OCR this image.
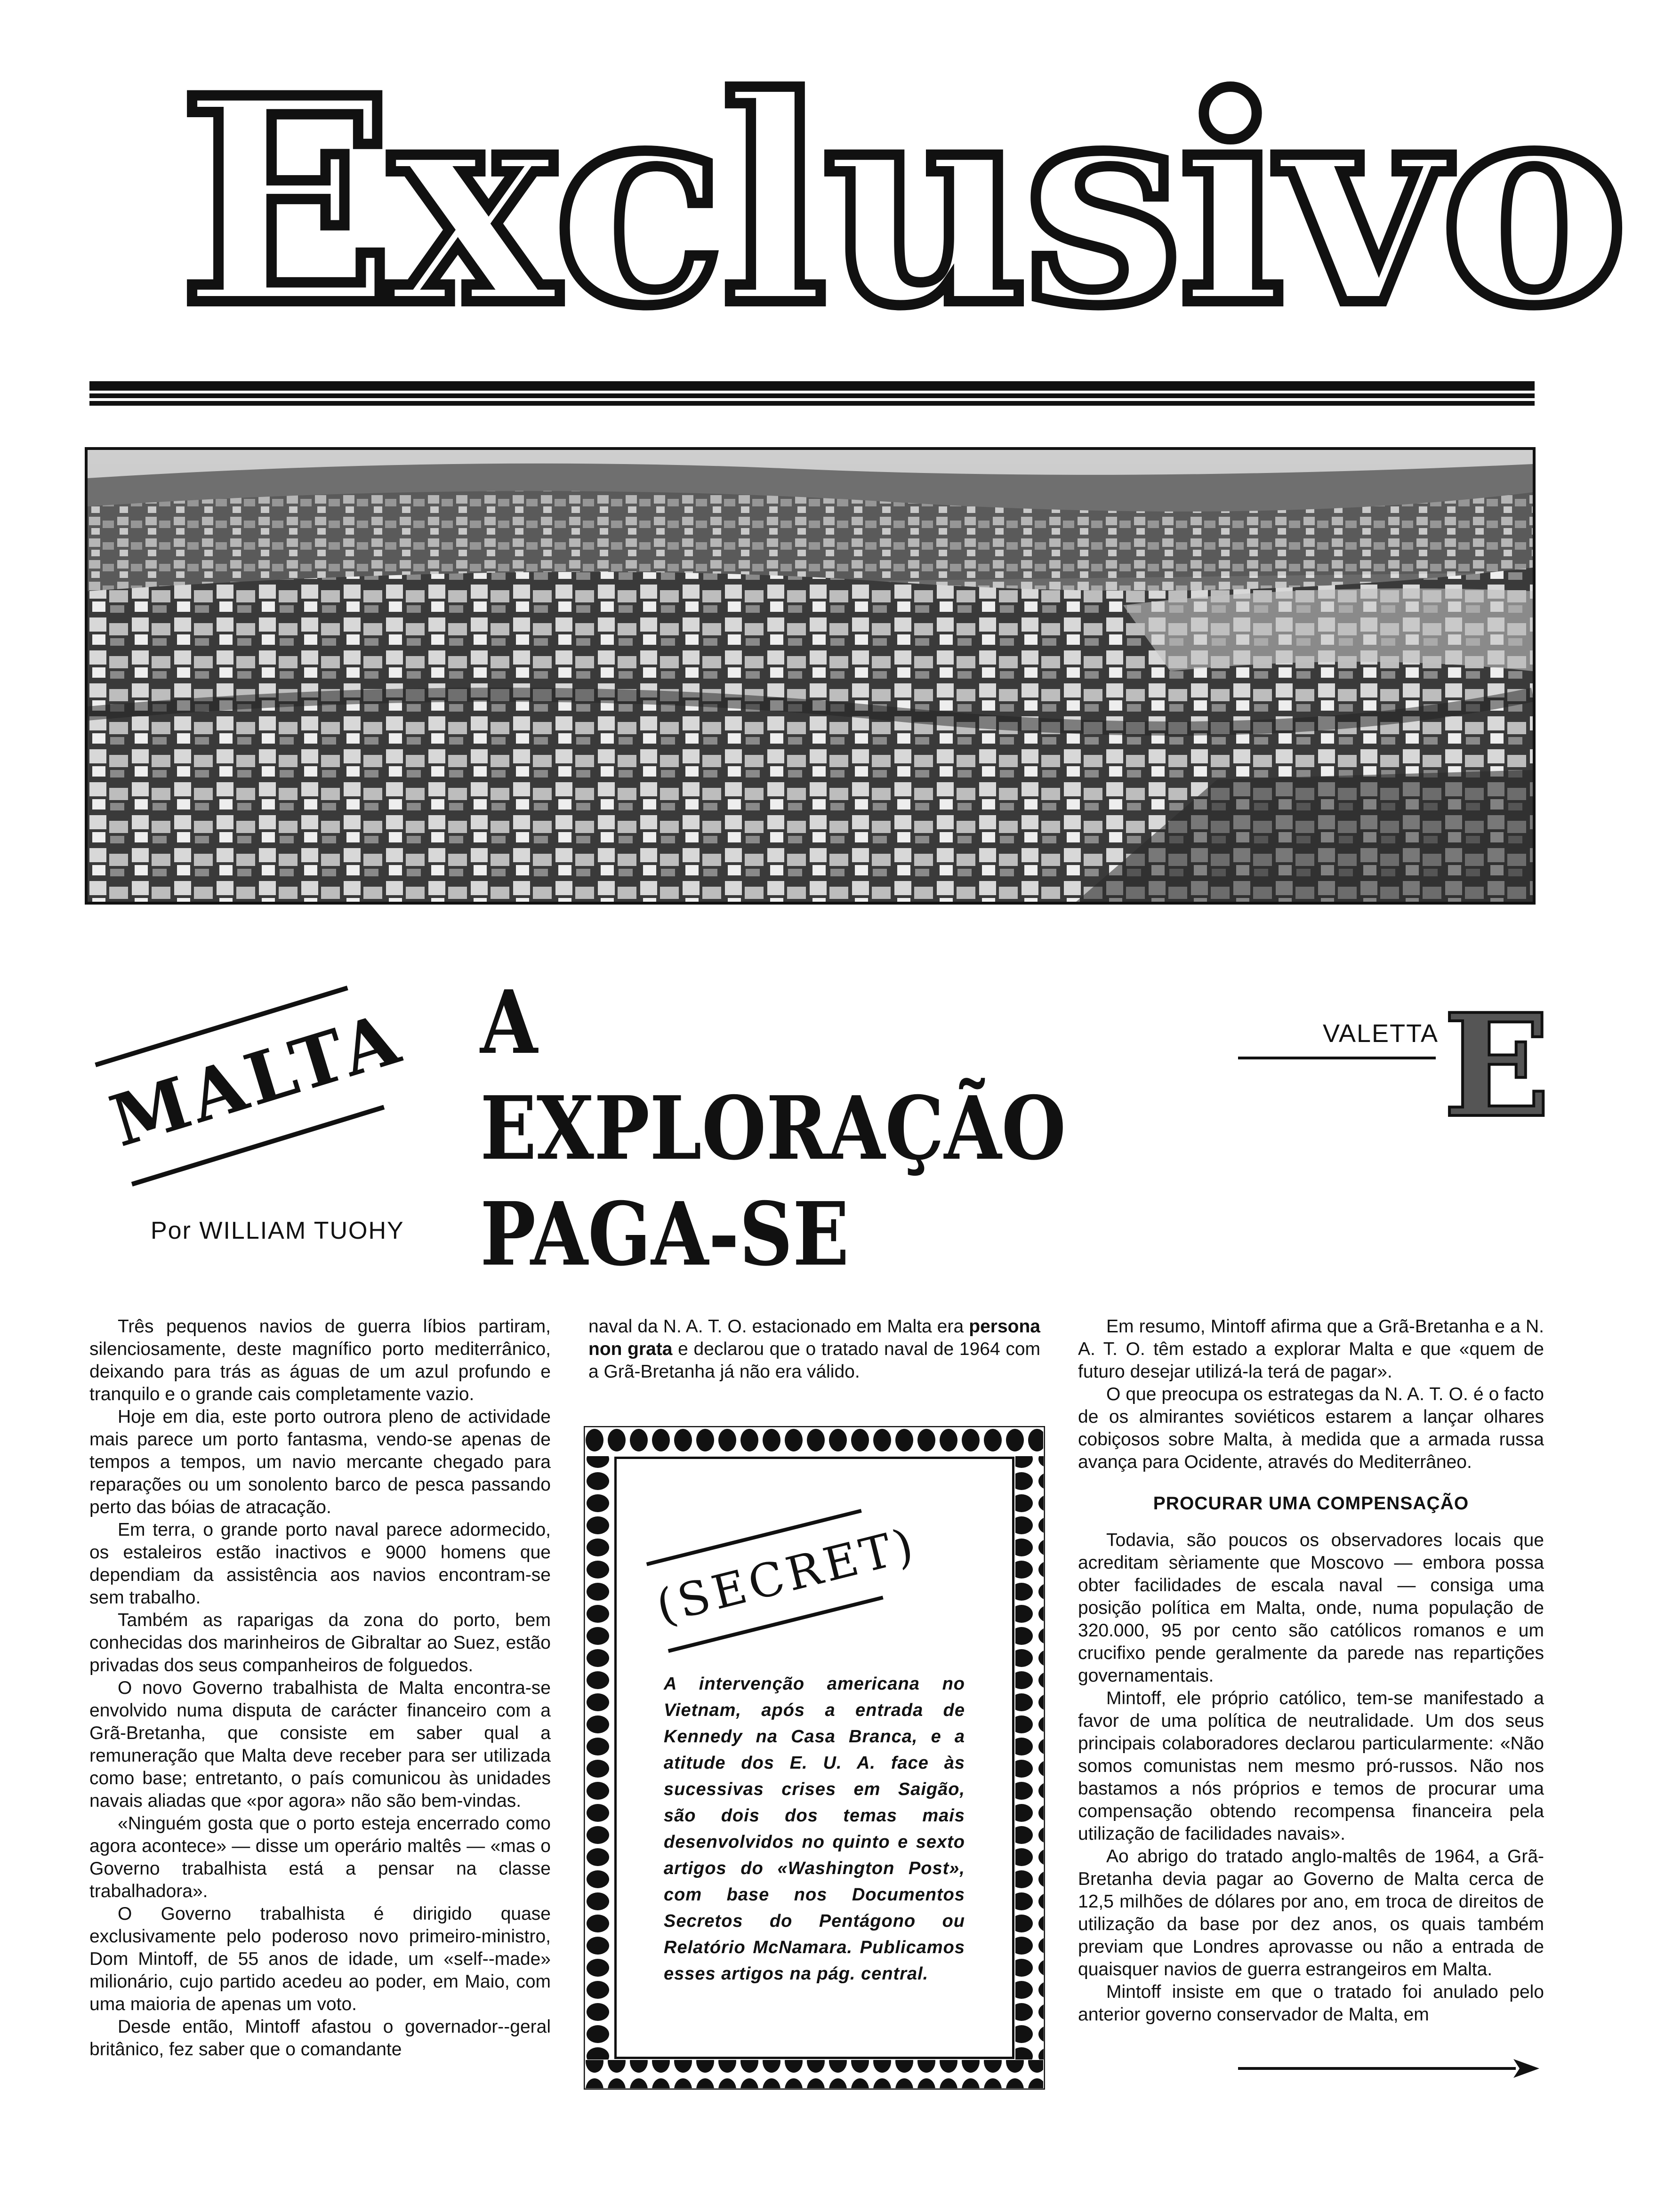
Exclusivo
MALTA A EXPLORAÇÃO
PAGA-SE
VALETTA E
Por WILLIAM TUOHY

Três pequenos navios de guerra líbios partiram, silenciosamente, deste magnífico porto mediterrânico, deixando para trás as águas de um azul profundo e tranquilo e o grande cais completamente vazio.

Hoje em dia, este porto outrora pleno de actividade mais parece um porto fantasma, vendo-se apenas de tempos a tempos, um navio mercante chegado para reparações ou um sonolento barco de pesca passando perto das bóias de atracação.

Em terra, o grande porto naval parece adormecido, os estaleiros estão inactivos e 9000 homens que dependiam da assistência aos navios encontram-se sem trabalho.

Também as raparigas da zona do porto, bem conhecidas dos marinheiros de Gibraltar ao Suez, estão privadas dos seus companheiros de folguedos.

O novo Governo trabalhista de Malta encontra-se envolvido numa disputa de carácter financeiro com a Grã-Bretanha, que consiste em saber qual a remuneração que Malta deve receber para ser utilizada como base; entretanto, o país comunicou às unidades navais aliadas que «por agora» não são bem-vindas.

«Ninguém gosta que o porto esteja encerrado como agora acontece» — disse um operário maltês — «mas o Governo trabalhista está a pensar na classe trabalhadora».

O Governo trabalhista é dirigido quase exclusivamente pelo poderoso novo primeiro-ministro, Dom Mintoff, de 55 anos de idade, um «self--made» milionário, cujo partido acedeu ao poder, em Maio, com uma maioria de apenas um voto.

Desde então, Mintoff afastou o governador--geral britânico, fez saber que o comandante

naval da N. A. T. O. estacionado em Malta era persona non grata e declarou que o tratado naval de 1964 com a Grã-Bretanha já não era válido.

(SECRET)
A intervenção americana no Vietnam, após a entrada de Kennedy na Casa Branca, e a atitude dos E. U. A. face às sucessivas crises em Saigão, são dois dos temas mais desenvolvidos no quinto e sexto artigos do «Washington Post», com base nos Documentos Secretos do Pentágono ou Relatório McNamara. Publicamos esses artigos na pág. central.

Em resumo, Mintoff afirma que a Grã-Bretanha e a N. A. T. O. têm estado a explorar Malta e que «quem de futuro desejar utilizá-la terá de pagar».

O que preocupa os estrategas da N. A. T. O. é o facto de os almirantes soviéticos estarem a lançar olhares cobiçosos sobre Malta, à medida que a armada russa avança para Ocidente, através do Mediterrâneo.

PROCURAR UMA COMPENSAÇÃO

Todavia, são poucos os observadores locais que acreditam sèriamente que Moscovo — embora possa obter facilidades de escala naval — consiga uma posição política em Malta, onde, numa população de 320.000, 95 por cento são católicos romanos e um crucifixo pende geralmente da parede nas repartições governamentais.

Mintoff, ele próprio católico, tem-se manifestado a favor de uma política de neutralidade. Um dos seus principais colaboradores declarou particularmente: «Não somos comunistas nem mesmo pró-russos. Não nos bastamos a nós próprios e temos de procurar uma compensação obtendo recompensa financeira pela utilização de facilidades navais».

Ao abrigo do tratado anglo-maltês de 1964, a Grã-Bretanha devia pagar ao Governo de Malta cerca de 12,5 milhões de dólares por ano, em troca de direitos de utilização da base por dez anos, os quais também previam que Londres aprovasse ou não a entrada de quaisquer navios de guerra estrangeiros em Malta.

Mintoff insiste em que o tratado foi anulado pelo anterior governo conservador de Malta, em
